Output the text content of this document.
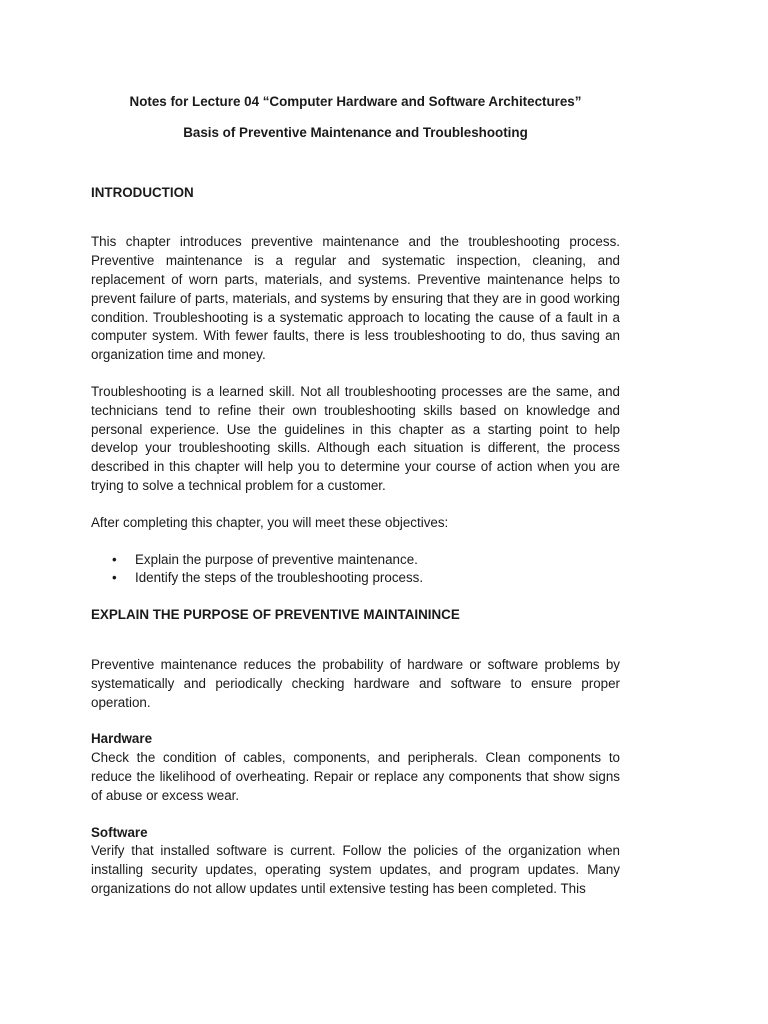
Notes for Lecture 04 “Computer Hardware and Software Architectures”

Basis of Preventive Maintenance and Troubleshooting

INTRODUCTION

This chapter introduces preventive maintenance and the troubleshooting process. Preventive maintenance is a regular and systematic inspection, cleaning, and replacement of worn parts, materials, and systems. Preventive maintenance helps to prevent failure of parts, materials, and systems by ensuring that they are in good working condition. Troubleshooting is a systematic approach to locating the cause of a fault in a computer system. With fewer faults, there is less troubleshooting to do, thus saving an organization time and money.

Troubleshooting is a learned skill. Not all troubleshooting processes are the same, and technicians tend to refine their own troubleshooting skills based on knowledge and personal experience. Use the guidelines in this chapter as a starting point to help develop your troubleshooting skills. Although each situation is different, the process described in this chapter will help you to determine your course of action when you are trying to solve a technical problem for a customer.

After completing this chapter, you will meet these objectives:

• Explain the purpose of preventive maintenance.
• Identify the steps of the troubleshooting process.

EXPLAIN THE PURPOSE OF PREVENTIVE MAINTAININCE

Preventive maintenance reduces the probability of hardware or software problems by systematically and periodically checking hardware and software to ensure proper operation.

Hardware

Check the condition of cables, components, and peripherals. Clean components to reduce the likelihood of overheating. Repair or replace any components that show signs of abuse or excess wear.

Software

Verify that installed software is current. Follow the policies of the organization when installing security updates, operating system updates, and program updates. Many organizations do not allow updates until extensive testing has been completed. This
